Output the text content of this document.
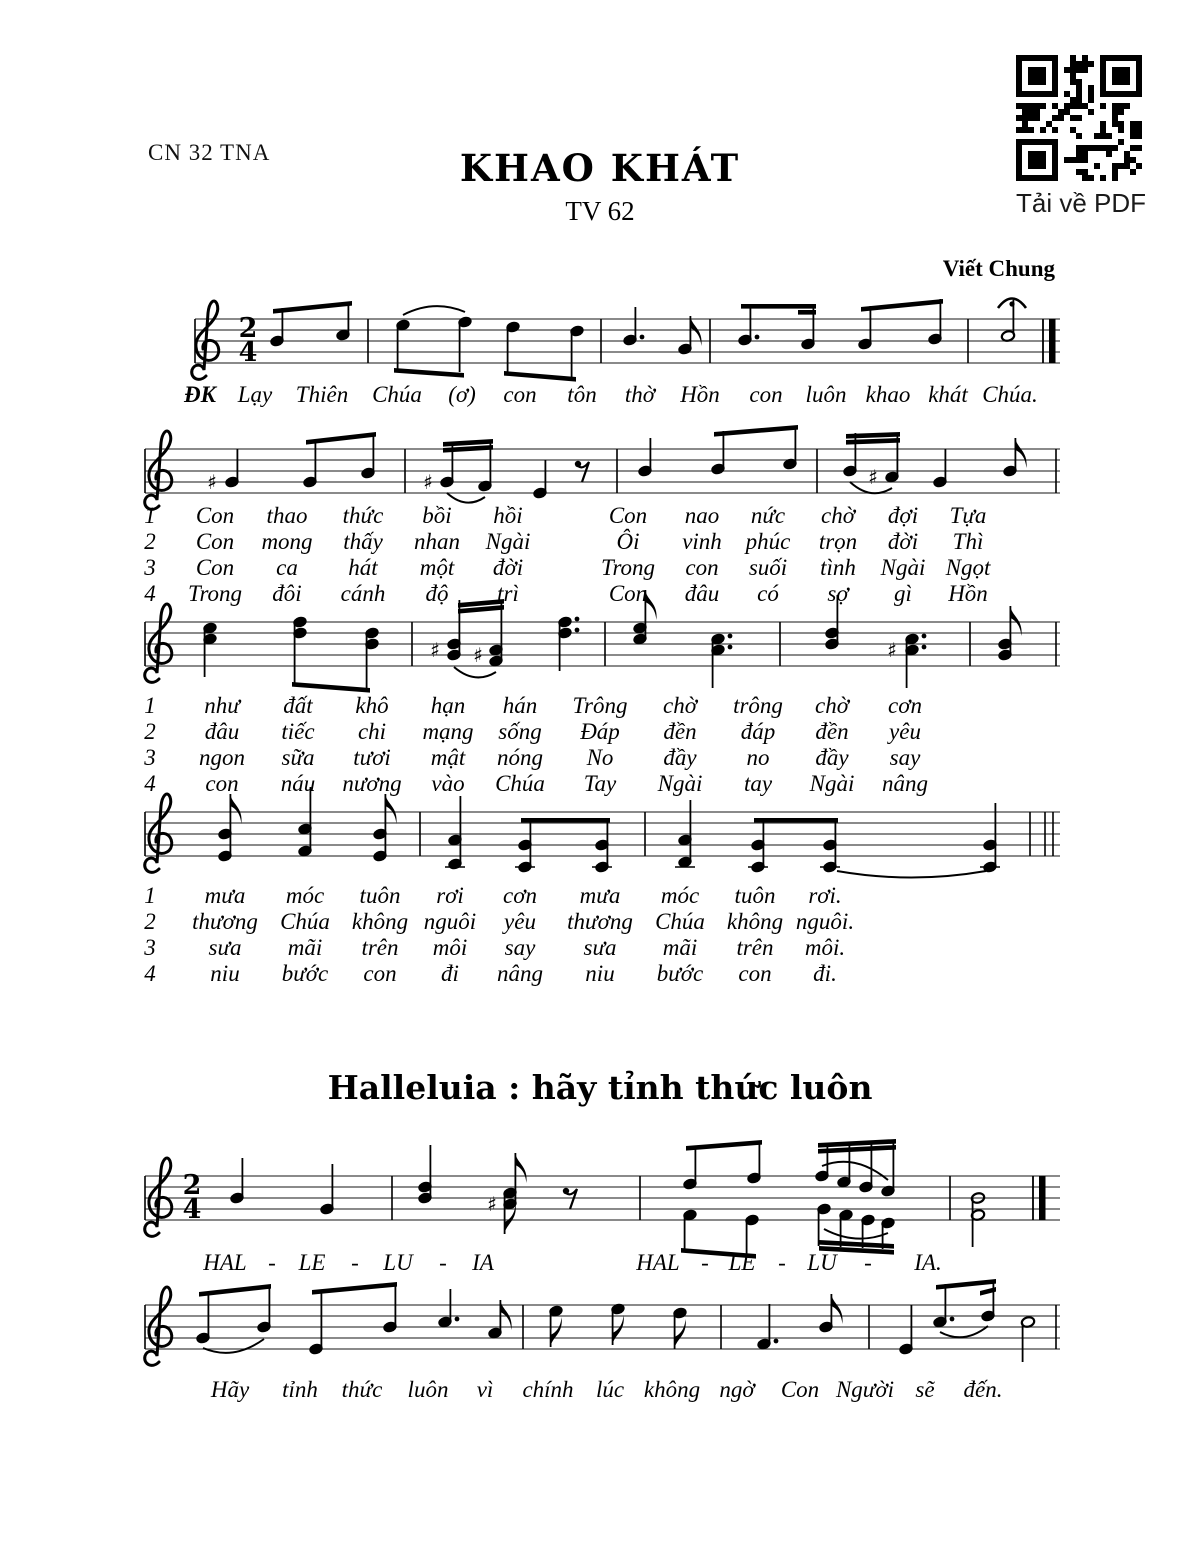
CN 32 TNA	KHAO KHÁT
TV 62
Viết Chung
Tải về PDF
Halleluia : hãy tỉnh thức luôn
2
4
♯	♯	♯
♯ ♯	♯
2
4	♯
ĐK Lạy Thiên Chúa (ơ) con tôn thờ Hồn con luôn khao khát Chúa.
1 Con thao thức bồi hồi	Con nao nức chờ đợi Tựa
2 Con mong thấy nhan Ngài	Ôi vinh phúc trọn đời Thì
3 Con ca hát một đời	Trong con suối tình Ngài Ngọt
4 Trong đôi cánh độ trì	Con đâu có sợ gì Hồn
1 như đất khô hạn hán Trông chờ trông chờ cơn
2 đâu tiếc chi mạng sống Đáp đền đáp đền yêu
3 ngon sữa tươi mật nóng No đầy no đầy say
4 con náu nương vào Chúa Tay Ngài tay Ngài nâng
1 mưa móc tuôn rơi cơn mưa móc tuôn rơi.
2 thương Chúa không nguôi yêu thương Chúa không nguôi.
3 sưa mãi trên môi say sưa mãi trên môi.
4 niu bước con đi nâng niu bước con đi.
HAL - LE - LU - IA	HAL - LE - LU - IA.
Hãy tỉnh thức luôn vì chính lúc không ngờ Con Người sẽ đến.
